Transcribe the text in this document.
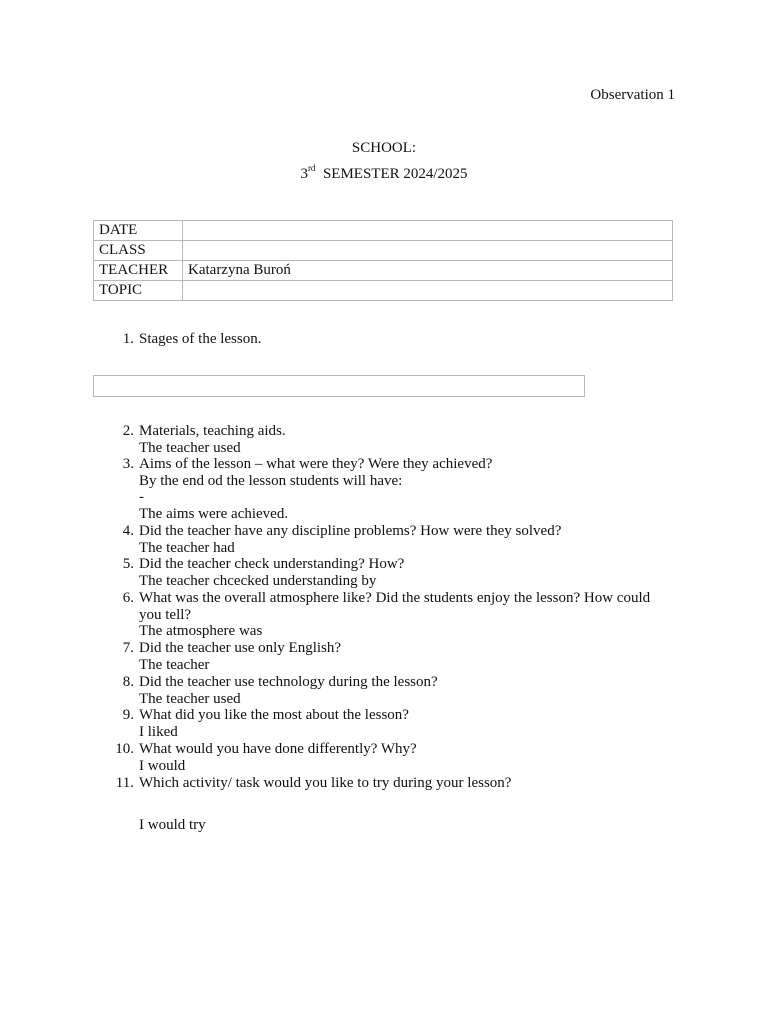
Observation 1
SCHOOL:
3rd SEMESTER 2024/2025
DATE	
CLASS	
TEACHER	Katarzyna Buroń
TOPIC	
1. Stages of the lesson.
2. Materials, teaching aids.
The teacher used
3. Aims of the lesson – what were they? Were they achieved?
By the end od the lesson students will have:
-
The aims were achieved.
4. Did the teacher have any discipline problems? How were they solved?
The teacher had
5. Did the teacher check understanding? How?
The teacher chcecked understanding by
6. What was the overall atmosphere like? Did the students enjoy the lesson? How could
you tell?
The atmosphere was
7. Did the teacher use only English?
The teacher
8. Did the teacher use technology during the lesson?
The teacher used
9. What did you like the most about the lesson?
I liked
10. What would you have done differently? Why?
I would
11. Which activity/ task would you like to try during your lesson?
I would try
